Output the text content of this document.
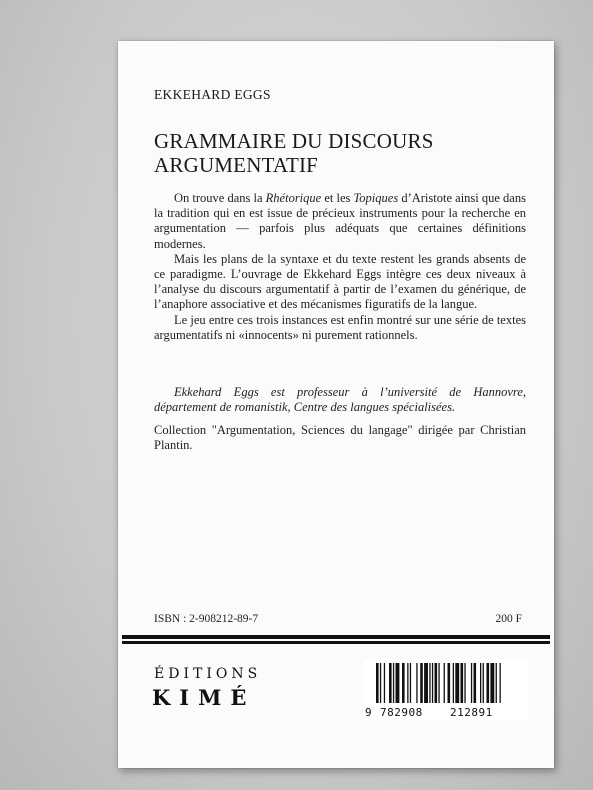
EKKEHARD EGGS
GRAMMAIRE DU DISCOURS
ARGUMENTATIF

On trouve dans la Rhétorique et les Topiques d’Aristote ainsi que dans la tradition qui en est issue de précieux instruments pour la recherche en argumentation — parfois plus adéquats que certaines définitions modernes.

Mais les plans de la syntaxe et du texte restent les grands absents de ce paradigme. L’ouvrage de Ekkehard Eggs intègre ces deux niveaux à l’analyse du discours argumentatif à partir de l’examen du générique, de l’anaphore associative et des mécanismes figuratifs de la langue.

Le jeu entre ces trois instances est enfin montré sur une série de textes argumentatifs ni «innocents» ni purement rationnels.

Ekkehard Eggs est professeur à l’université de Hannovre, département de romanistik, Centre des langues spécialisées.
Collection "Argumentation, Sciences du langage" dirigée par Christian Plantin.
ISBN : 2-908212-89-7	200 F
ÉDITIONS
KIMÉ
9 782908 212891
